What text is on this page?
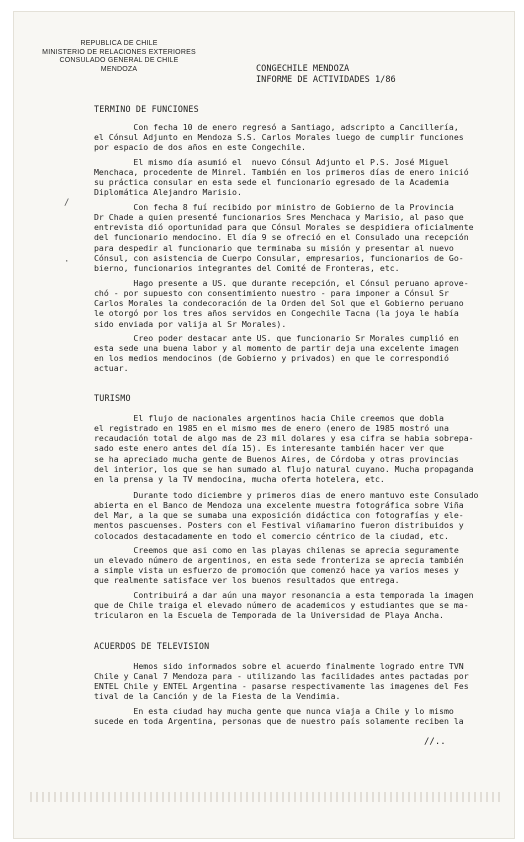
REPUBLICA DE CHILE
MINISTERIO DE RELACIONES EXTERIORES
CONSULADO GENERAL DE CHILE
MENDOZA	CONGECHILE MENDOZA
INFORME DE ACTIVIDADES 1/86
/
·
TERMINO DE FUNCIONES
Con fecha 10 de enero regresó a Santiago, adscripto a Cancillería,
el Cónsul Adjunto en Mendoza S.S. Carlos Morales luego de cumplir funciones
por espacio de dos años en este Congechile.
El mismo día asumió el  nuevo Cónsul Adjunto el P.S. José Miguel
Menchaca, procedente de Minrel. También en los primeros días de enero inició
su práctica consular en esta sede el funcionario egresado de la Academia
Diplomática Alejandro Marisio.
Con fecha 8 fuí recibido por ministro de Gobierno de la Provincia
Dr Chade a quien presenté funcionarios Sres Menchaca y Marisio, al paso que
entrevista dió oportunidad para que Cónsul Morales se despidiera oficialmente
del funcionario mendocino. El día 9 se ofreció en el Consulado una recepción
para despedir al funcionario que terminaba su misión y presentar al nuevo
Cónsul, con asistencia de Cuerpo Consular, empresarios, funcionarios de Go-
bierno, funcionarios integrantes del Comité de Fronteras, etc.
Hago presente a US. que durante recepción, el Cónsul peruano aprove-
chó - por supuesto con consentimiento nuestro - para imponer a Cónsul Sr
Carlos Morales la condecoración de la Orden del Sol que el Gobierno peruano
le otorgó por los tres años servidos en Congechile Tacna (la joya le había
sido enviada por valija al Sr Morales).
Creo poder destacar ante US. que funcionario Sr Morales cumplió en
esta sede una buena labor y al momento de partir deja una excelente imagen
en los medios mendocinos (de Gobierno y privados) en que le correspondió
actuar.
TURISMO
El flujo de nacionales argentinos hacia Chile creemos que dobla
el registrado en 1985 en el mismo mes de enero (enero de 1985 mostró una
recaudación total de algo mas de 23 mil dolares y esa cifra se habia sobrepa-
sado este enero antes del día 15). Es interesante también hacer ver que
se ha apreciado mucha gente de Buenos Aires, de Córdoba y otras provincias
del interior, los que se han sumado al flujo natural cuyano. Mucha propaganda
en la prensa y la TV mendocina, mucha oferta hotelera, etc.
Durante todo diciembre y primeros dias de enero mantuvo este Consulado
abierta en el Banco de Mendoza una excelente muestra fotográfica sobre Viña
del Mar, a la que se sumaba una exposición didáctica con fotografías y ele-
mentos pascuenses. Posters con el Festival viñamarino fueron distribuidos y
colocados destacadamente en todo el comercio céntrico de la ciudad, etc.
Creemos que asi como en las playas chilenas se aprecia seguramente
un elevado número de argentinos, en esta sede fronteriza se aprecia también
a simple vista un esfuerzo de promoción que comenzó hace ya varios meses y
que realmente satisface ver los buenos resultados que entrega.
Contribuirá a dar aún una mayor resonancia a esta temporada la imagen
que de Chile traiga el elevado número de academicos y estudiantes que se ma-
tricularon en la Escuela de Temporada de la Universidad de Playa Ancha.
ACUERDOS DE TELEVISION
Hemos sido informados sobre el acuerdo finalmente logrado entre TVN
Chile y Canal 7 Mendoza para - utilizando las facilidades antes pactadas por
ENTEL Chile y ENTEL Argentina - pasarse respectivamente las imagenes del Fes
tival de la Canción y de la Fiesta de la Vendimia.
En esta ciudad hay mucha gente que nunca viaja a Chile y lo mismo
sucede en toda Argentina, personas que de nuestro país solamente reciben la
//..
